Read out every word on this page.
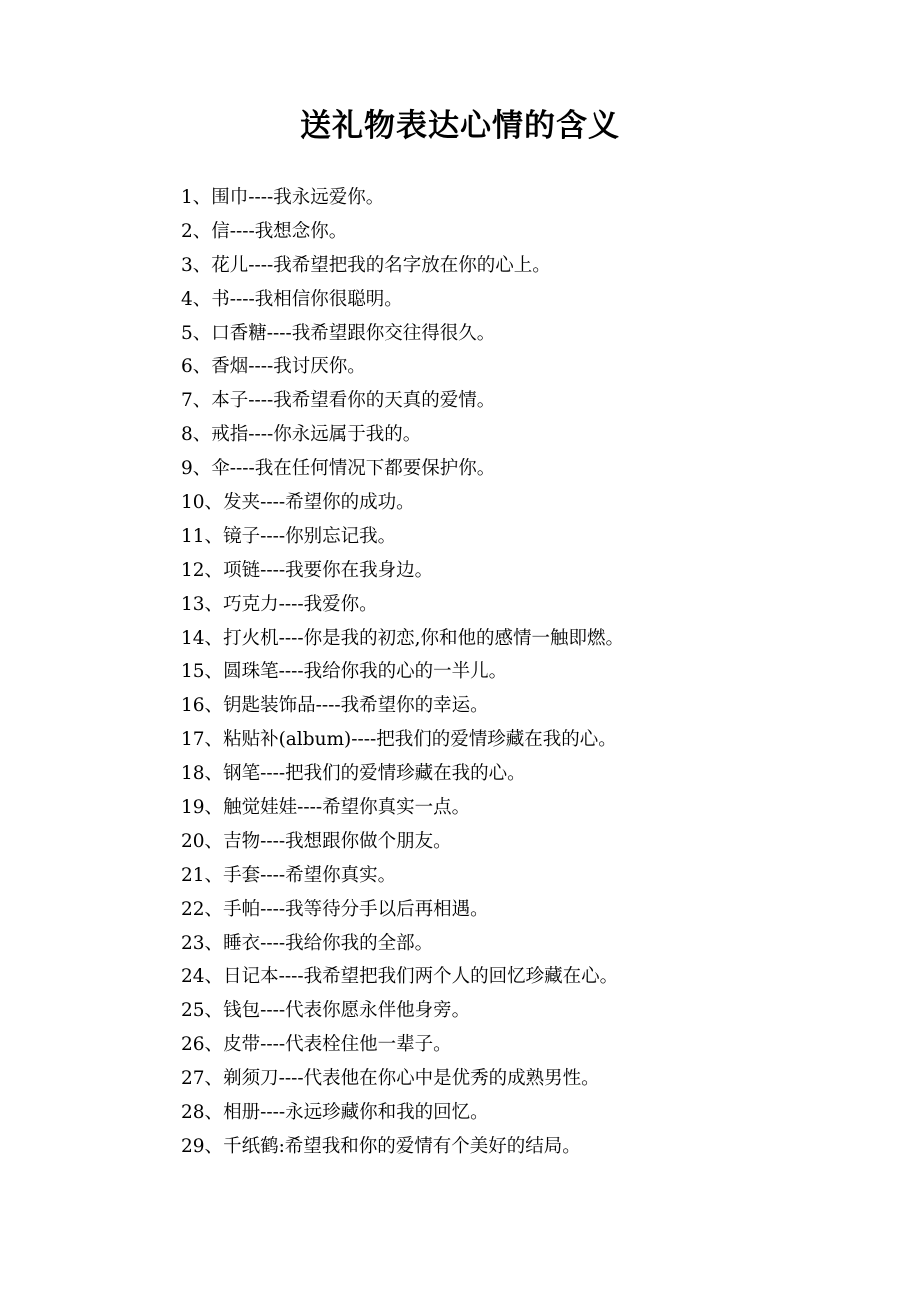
送礼物表达心情的含义
1、围巾----我永远爱你。
2、信----我想念你。
3、花儿----我希望把我的名字放在你的心上。
4、书----我相信你很聪明。
5、口香糖----我希望跟你交往得很久。
6、香烟----我讨厌你。
7、本子----我希望看你的天真的爱情。
8、戒指----你永远属于我的。
9、伞----我在任何情况下都要保护你。
10、发夹----希望你的成功。
11、镜子----你别忘记我。
12、项链----我要你在我身边。
13、巧克力----我爱你。
14、打火机----你是我的初恋,你和他的感情一触即燃。
15、圆珠笔----我给你我的心的一半儿。
16、钥匙装饰品----我希望你的幸运。
17、粘贴补(album)----把我们的爱情珍藏在我的心。
18、钢笔----把我们的爱情珍藏在我的心。
19、触觉娃娃----希望你真实一点。
20、吉物----我想跟你做个朋友。
21、手套----希望你真实。
22、手帕----我等待分手以后再相遇。
23、睡衣----我给你我的全部。
24、日记本----我希望把我们两个人的回忆珍藏在心。
25、钱包----代表你愿永伴他身旁。
26、皮带----代表栓住他一辈子。
27、剃须刀----代表他在你心中是优秀的成熟男性。
28、相册----永远珍藏你和我的回忆。
29、千纸鹤:希望我和你的爱情有个美好的结局。
